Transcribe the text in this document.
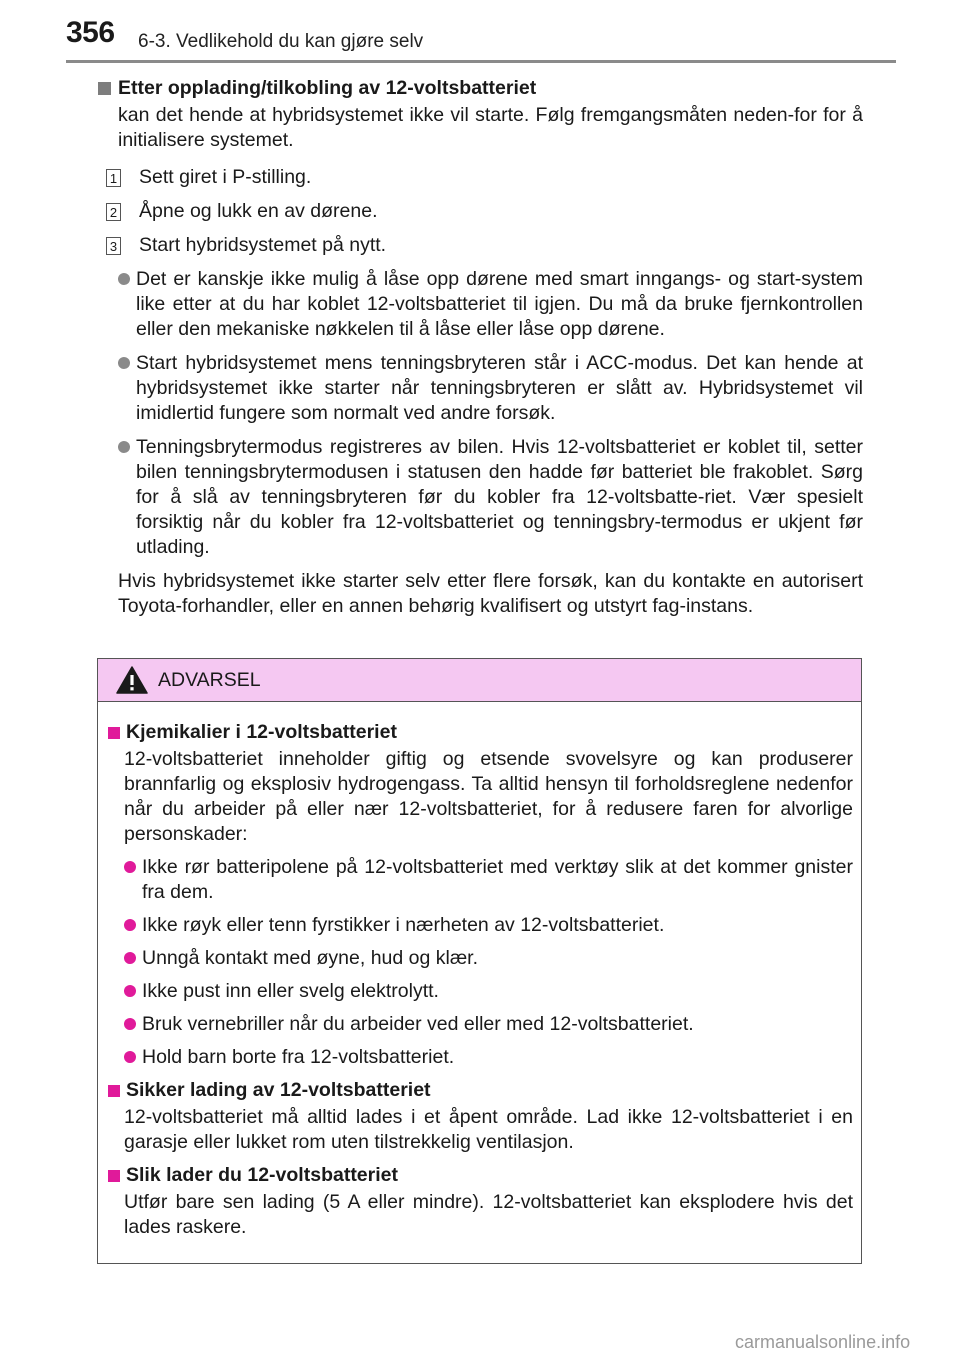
356 6-3. Vedlikehold du kan gjøre selv
Etter opplading/tilkobling av 12-voltsbatteriet
kan det hende at hybridsystemet ikke vil starte. Følg fremgangsmåten neden-for for å initialisere systemet.
1 Sett giret i P-stilling.
2 Åpne og lukk en av dørene.
3 Start hybridsystemet på nytt.
Det er kanskje ikke mulig å låse opp dørene med smart inngangs- og start-system like etter at du har koblet 12-voltsbatteriet til igjen. Du må da bruke fjernkontrollen eller den mekaniske nøkkelen til å låse eller låse opp dørene.
Start hybridsystemet mens tenningsbryteren står i ACC-modus. Det kan hende at hybridsystemet ikke starter når tenningsbryteren er slått av. Hybridsystemet vil imidlertid fungere som normalt ved andre forsøk.
Tenningsbrytermodus registreres av bilen. Hvis 12-voltsbatteriet er koblet til, setter bilen tenningsbrytermodusen i statusen den hadde før batteriet ble frakoblet. Sørg for å slå av tenningsbryteren før du kobler fra 12-voltsbatte-riet. Vær spesielt forsiktig når du kobler fra 12-voltsbatteriet og tenningsbry-termodus er ukjent før utlading.
Hvis hybridsystemet ikke starter selv etter flere forsøk, kan du kontakte en autorisert Toyota-forhandler, eller en annen behørig kvalifisert og utstyrt fag-instans.
ADVARSEL
Kjemikalier i 12-voltsbatteriet
12-voltsbatteriet inneholder giftig og etsende svovelsyre og kan produserer brannfarlig og eksplosiv hydrogengass. Ta alltid hensyn til forholdsreglene nedenfor når du arbeider på eller nær 12-voltsbatteriet, for å redusere faren for alvorlige personskader:
Ikke rør batteripolene på 12-voltsbatteriet med verktøy slik at det kommer gnister fra dem.
Ikke røyk eller tenn fyrstikker i nærheten av 12-voltsbatteriet.
Unngå kontakt med øyne, hud og klær.
Ikke pust inn eller svelg elektrolytt.
Bruk vernebriller når du arbeider ved eller med 12-voltsbatteriet.
Hold barn borte fra 12-voltsbatteriet.
Sikker lading av 12-voltsbatteriet
12-voltsbatteriet må alltid lades i et åpent område. Lad ikke 12-voltsbatteriet i en garasje eller lukket rom uten tilstrekkelig ventilasjon.
Slik lader du 12-voltsbatteriet
Utfør bare sen lading (5 A eller mindre). 12-voltsbatteriet kan eksplodere hvis det lades raskere.
carmanualsonline.info
